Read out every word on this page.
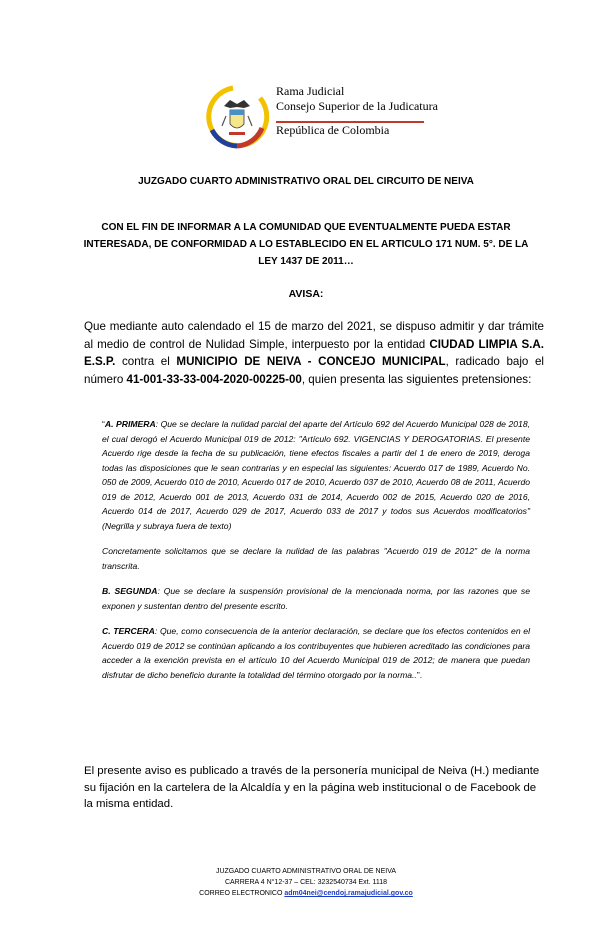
Rama Judicial
Consejo Superior de la Judicatura
República de Colombia
JUZGADO CUARTO ADMINISTRATIVO ORAL DEL CIRCUITO DE NEIVA
CON EL FIN DE INFORMAR A LA COMUNIDAD QUE EVENTUALMENTE PUEDA ESTAR INTERESADA, DE CONFORMIDAD A LO ESTABLECIDO EN EL ARTICULO 171 NUM. 5°. DE LA LEY 1437 DE 2011…
AVISA:
Que mediante auto calendado el 15 de marzo del 2021, se dispuso admitir y dar trámite al medio de control de Nulidad Simple, interpuesto por la entidad CIUDAD LIMPIA S.A. E.S.P. contra el MUNICIPIO DE NEIVA - CONCEJO MUNICIPAL, radicado bajo el número 41-001-33-33-004-2020-00225-00, quien presenta las siguientes pretensiones:

“A. PRIMERA: Que se declare la nulidad parcial del aparte del Artículo 692 del Acuerdo Municipal 028 de 2018, el cual derogó el Acuerdo Municipal 019 de 2012: "Artículo 692. VIGENCIAS Y DEROGATORIAS. El presente Acuerdo rige desde la fecha de su publicación, tiene efectos fiscales a partir del 1 de enero de 2019, deroga todas las disposiciones que le sean contrarias y en especial las siguientes: Acuerdo 017 de 1989, Acuerdo No. 050 de 2009, Acuerdo 010 de 2010, Acuerdo 017 de 2010, Acuerdo 037 de 2010, Acuerdo 08 de 2011, Acuerdo 019 de 2012, Acuerdo 001 de 2013, Acuerdo 031 de 2014, Acuerdo 002 de 2015, Acuerdo 020 de 2016, Acuerdo 014 de 2017, Acuerdo 029 de 2017, Acuerdo 033 de 2017 y todos sus Acuerdos modificatorios" (Negrilla y subraya fuera de texto)

Concretamente solicitamos que se declare la nulidad de las palabras "Acuerdo 019 de 2012" de la norma transcrita.

B. SEGUNDA: Que se declare la suspensión provisional de la mencionada norma, por las razones que se exponen y sustentan dentro del presente escrito.

C. TERCERA: Que, como consecuencia de la anterior declaración, se declare que los efectos contenidos en el Acuerdo 019 de 2012 se continúan aplicando a los contribuyentes que hubieren acreditado las condiciones para acceder a la exención prevista en el artículo 10 del Acuerdo Municipal 019 de 2012; de manera que puedan disfrutar de dicho beneficio durante la totalidad del término otorgado por la norma..”.

El presente aviso es publicado a través de la personería municipal de Neiva (H.) mediante su fijación en la cartelera de la Alcaldía y en la página web institucional o de Facebook de la misma entidad.
JUZGADO CUARTO ADMINISTRATIVO ORAL DE NEIVA
CARRERA 4 N°12-37 – CEL: 3232540734 Ext. 1118
CORREO ELECTRONICO adm04nei@cendoj.ramajudicial.gov.co
